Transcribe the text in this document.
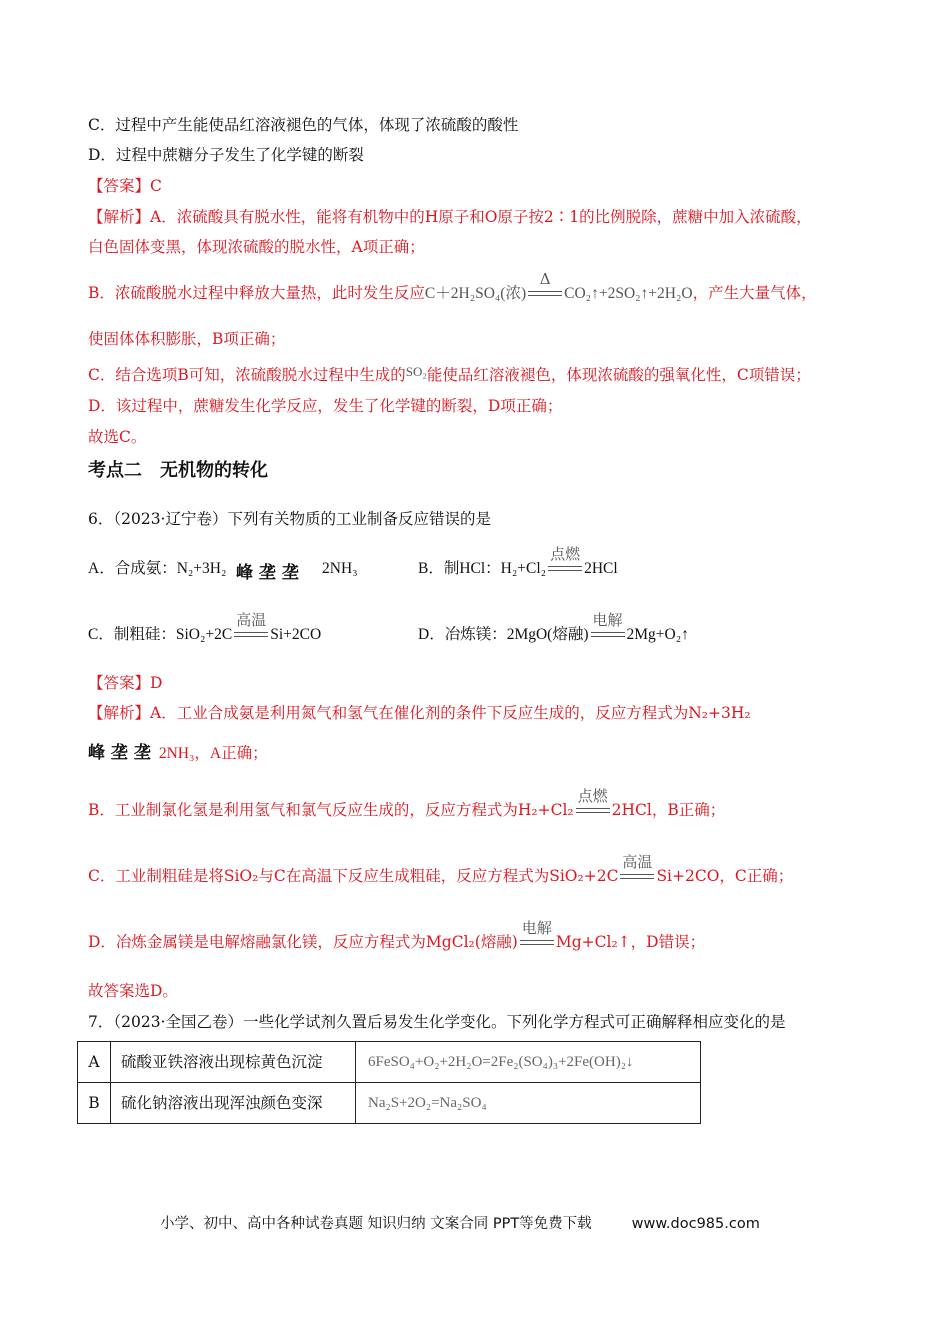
C．过程中产生能使品红溶液褪色的气体，体现了浓硫酸的酸性
D．过程中蔗糖分子发生了化学键的断裂
【答案】C
【解析】A．浓硫酸具有脱水性，能将有机物中的H原子和O原子按2∶1的比例脱除，蔗糖中加入浓硫酸，
白色固体变黑，体现浓硫酸的脱水性，A项正确；
B．浓硫酸脱水过程中释放大量热，此时发生反应C＋2H₂SO₄(浓)
Δ
CO₂↑+2SO₂↑+2H₂O，产生大量气体，
使固体体积膨胀，B项正确；
C．结合选项B可知，浓硫酸脱水过程中生成的$^{SO_2}$能使品红溶液褪色，体现浓硫酸的强氧化性，C项错误；
D．该过程中，蔗糖发生化学反应，发生了化学键的断裂，D项正确；
故选C。
考点二　无机物的转化
6．（2023·辽宁卷）下列有关物质的工业制备反应错误的是
A．合成氨：N₂+3H₂ 峰 垄 垄 2NH₃	B．制HCl：H₂+Cl₂
点燃
2HCl
C．制粗硅：SiO₂+2C
高温
Si+2CO	D．冶炼镁：2MgO(熔融)
电解
2Mg+O₂↑
【答案】D
【解析】A．工业合成氨是利用氮气和氢气在催化剂的条件下反应生成的，反应方程式为N₂+3H₂
峰 垄 垄 2NH₃，A正确；
B．工业制氯化氢是利用氢气和氯气反应生成的，反应方程式为H₂+Cl₂
点燃
2HCl，B正确；
C．工业制粗硅是将SiO₂与C在高温下反应生成粗硅，反应方程式为SiO₂+2C
高温
Si+2CO，C正确；
D．冶炼金属镁是电解熔融氯化镁，反应方程式为MgCl₂(熔融)
电解
Mg+Cl₂↑，D错误；
故答案选D。
7．（2023·全国乙卷）一些化学试剂久置后易发生化学变化。下列化学方程式可正确解释相应变化的是
A	硫酸亚铁溶液出现棕黄色沉淀	6FeSO₄+O₂+2H₂O=2Fe₂(SO₄)₃+2Fe(OH)₂↓
B	硫化钠溶液出现浑浊颜色变深	Na₂S+2O₂=Na₂SO₄
小学、初中、高中各种试卷真题 知识归纳 文案合同 PPT等免费下载	www.doc985.com
